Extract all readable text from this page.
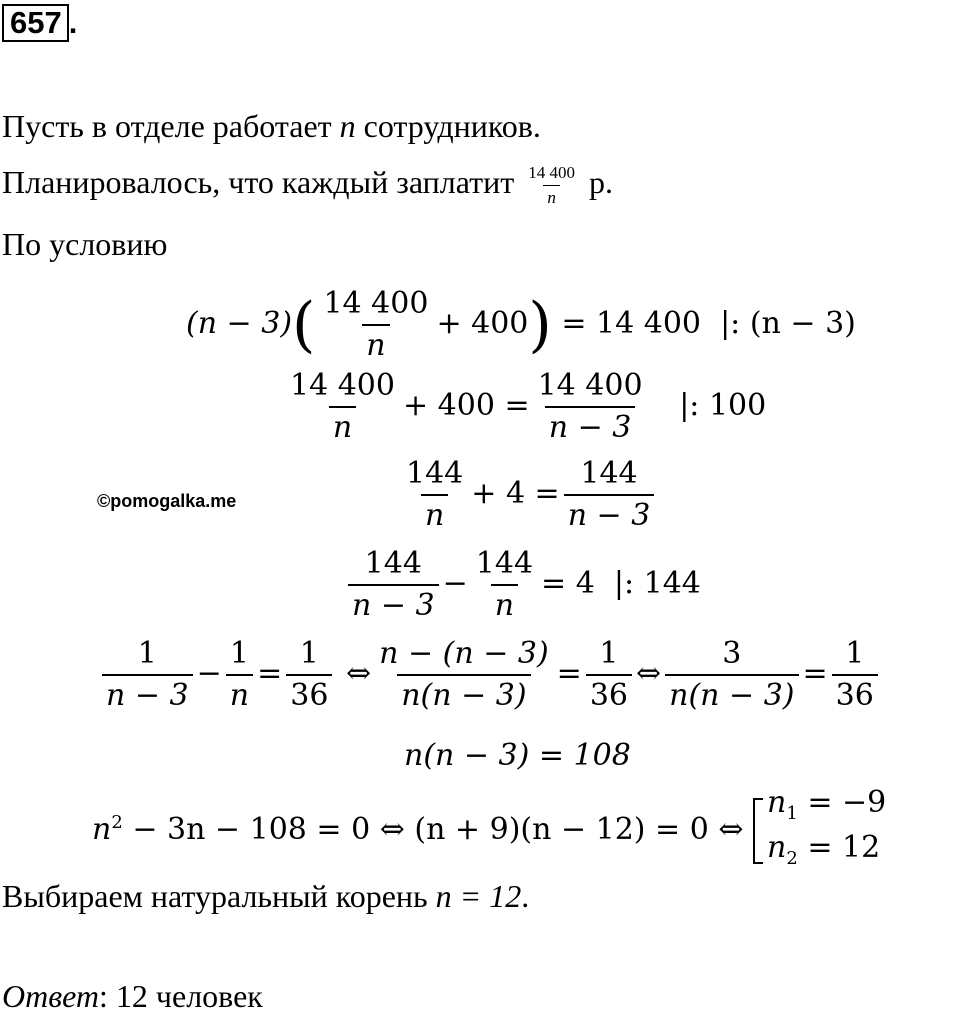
657 .
Пусть в отделе работает n сотрудников.
Планировалось, что каждый заплатит $\frac{14 400}{n} р$.
По условию
$(n - 3)( \frac{14 400}{n} + 400) = 14$ 400 |: (n − 3)
$\frac{14 400}{n} + 400 = \frac{14 400}{n - 3}$ |: 100
©pomogalka.me	$\frac{144}{n} + 4 = \frac{144}{n - 3}$
$\frac{144}{n - 3} - \frac{144}{n} = 4$ |: 144
$\frac{1}{n - 3} - \frac{1}{n} = \frac{1}{36}$ ⇔ $\frac{n - (n - 3)}{n(n - 3)} = \frac{1}{36}$ ⇔ $\frac{3}{n(n - 3)} = \frac{1}{36}$
n(n − 3) = 108
$n^2 - 3n - 108 = 0$ ⇔ (n + 9)(n − 12) = 0 ⇔
$n_1 = -9$
$n_2 = 12$
Выбираем натуральный корень n = 12.
Ответ: 12 человек
